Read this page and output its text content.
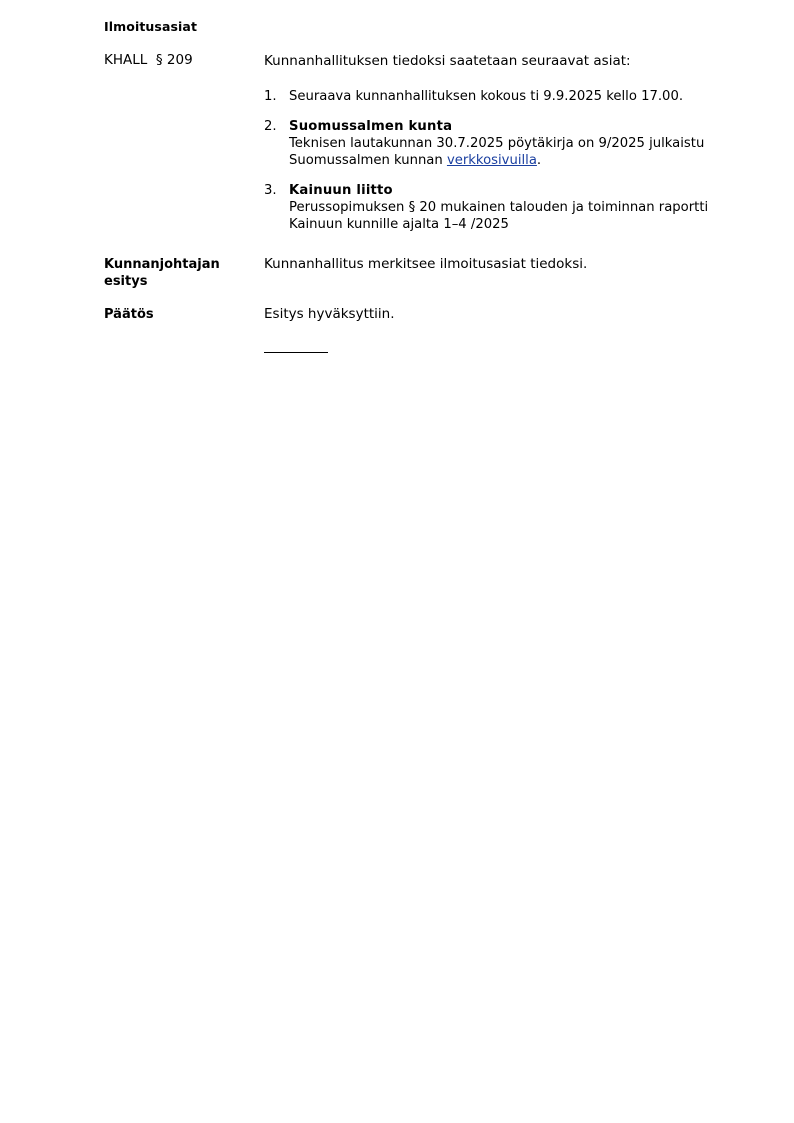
Ilmoitusasiat
KHALL  § 209	Kunnanhallituksen tiedoksi saatetaan seuraavat asiat:
1. Seuraava kunnanhallituksen kokous ti 9.9.2025 kello 17.00.
2. Suomussalmen kunta
Teknisen lautakunnan 30.7.2025 pöytäkirja on 9/2025 julkaistu
Suomussalmen kunnan verkkosivuilla.
3. Kainuun liitto
Perussopimuksen § 20 mukainen talouden ja toiminnan raportti
Kainuun kunnille ajalta 1–4 /2025
Kunnanjohtajan
esitys
Kunnanhallitus merkitsee ilmoitusasiat tiedoksi.
Päätös	Esitys hyväksyttiin.
